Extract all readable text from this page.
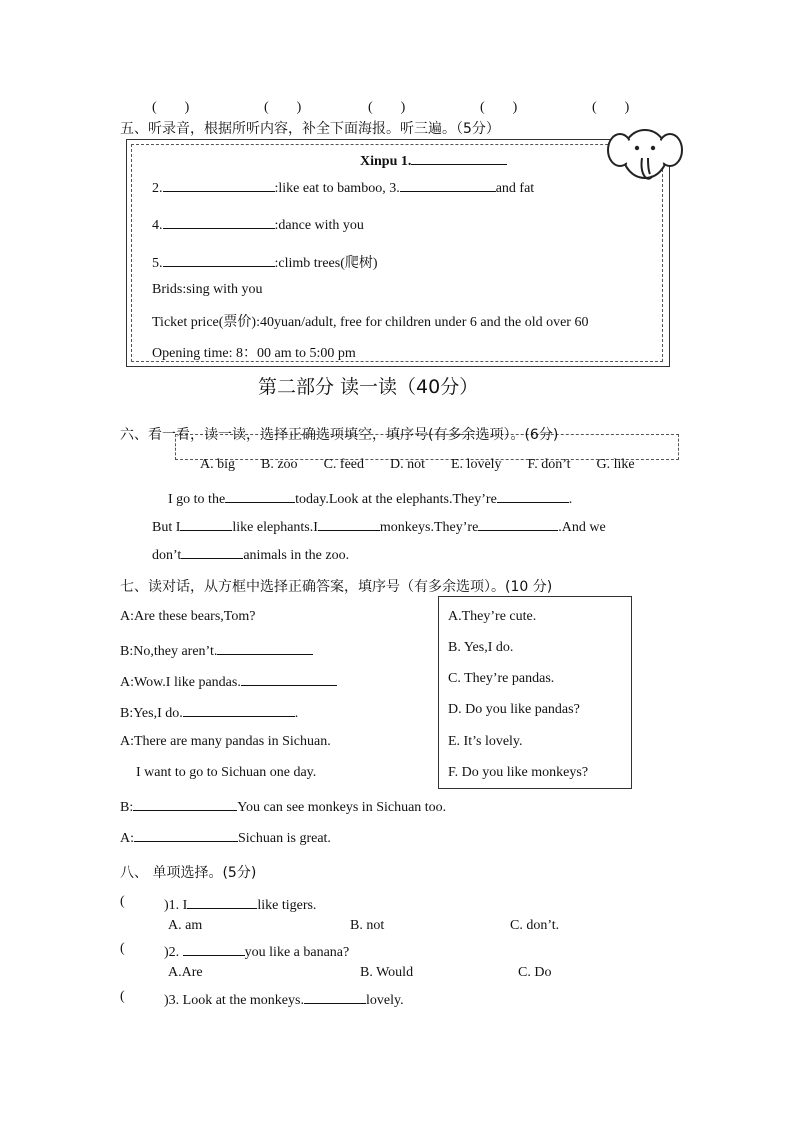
(　　)	(　　)	(　　)	(　　)	(　　)
五、听录音，根据所听内容，补全下面海报。听三遍。（5分）
Xinpu 1.
2.	:like eat to bamboo, 3.	and fat
4.	:dance with you
5.	:climb trees(爬树)
Brids:sing with you
Ticket price(票价):40yuan/adult, free for children under 6 and the old over 60
Opening time: 8：00 am to 5:00 pm
第二部分 读一读（40分）
六、看一看，读一读，选择正确选项填空，填序号(有多余选项）。(6分)
A. big B. zoo C. feed D. not E. lovely F. don’t G. like
I go to the	today.Look at the elephants.They’re	.
But I	like elephants.I	monkeys.They’re	.And we
don’t	animals in the zoo.
七、读对话，从方框中选择正确答案，填序号（有多余选项）。(10 分)
A:Are these bears,Tom?
B:No,they aren’t.
A:Wow.I like pandas.
B:Yes,I do.	.
A:There are many pandas in Sichuan.
I want to go to Sichuan one day.
B:	You can see monkeys in Sichuan too.
A:	Sichuan is great.
A.They’re cute.
B. Yes,I do.
C. They’re pandas.
D. Do you like pandas?
E. It’s lovely.
F. Do you like monkeys?
八、 单项选择。(5分)
(	)1. I	like tigers.
A. am	B. not	C. don’t.
(	)2.	you like a banana?
A.Are	B. Would	C. Do
(	)3. Look at the monkeys.	lovely.
